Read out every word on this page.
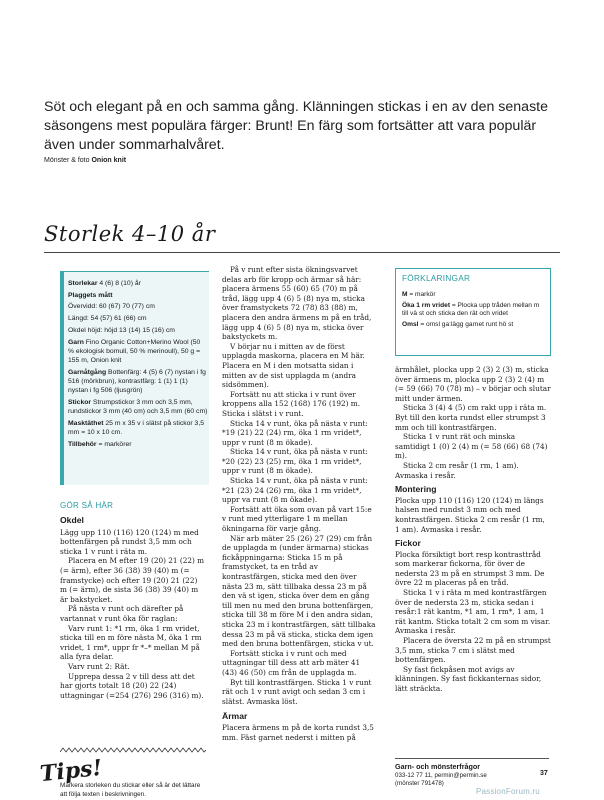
Söt och elegant på en och samma gång. Klänningen stickas i en av den senaste säsongens mest populära färger: Brunt! En färg som fortsätter att vara populär även under sommarhalvåret.
Mönster & foto Onion knit
Storlek 4–10 år

Storlekar 4 (6) 8 (10) år

Plaggets mått

Övervidd: 60 (67) 70 (77) cm

Längd: 54 (57) 61 (66) cm

Okdel höjd: höjd 13 (14) 15 (16) cm

Garn Fino Organic Cotton+Merino Wool (50 % ekologisk bomull, 50 % merinoull), 50 g = 155 m, Onion knit

Garnåtgång Bottenfärg: 4 (5) 6 (7) nystan i fg 516 (mörkbrun), kontrastfärg: 1 (1) 1 (1) nystan i fg 506 (ljusgrön)

Stickor Strumpstickor 3 mm och 3,5 mm, rundstickor 3 mm (40 cm) och 3,5 mm (60 cm)

Masktäthet 25 m x 35 v i slätst på stickor 3,5 mm = 10 x 10 cm.

Tillbehör = markörer

GÖR SÅ HÄR

Okdel

Lägg upp 110 (116) 120 (124) m med bottenfärgen på rundst 3,5 mm och sticka 1 v runt i räta m.

Placera en M efter 19 (20) 21 (22) m (= ärm), efter 36 (38) 39 (40) m (= framstycke) och efter 19 (20) 21 (22) m (= ärm), de sista 36 (38) 39 (40) m är bakstycket.

På nästa v runt och därefter på vartannat v runt öka för raglan:

Varv runt 1: *1 rm, öka 1 rm vridet, sticka till en m före nästa M, öka 1 rm vridet, 1 rm*, uppr fr *–* mellan M på alla fyra delar.

Varv runt 2: Rät.

Upprepa dessa 2 v till dess att det har gjorts totalt 18 (20) 22 (24) uttagningar (=254 (276) 296 (316) m).

Tips!
Markera storleken du stickar eller så är det lättare att följa texten i beskrivningen.

På v runt efter sista ökningsvarvet delas arb för kropp och ärmar så här: placera ärmens 55 (60) 65 (70) m på tråd, lägg upp 4 (6) 5 (8) nya m, sticka över framstyckets 72 (78) 83 (88) m, placera den andra ärmens m på en tråd, lägg upp 4 (6) 5 (8) nya m, sticka över bakstyckets m.

V börjar nu i mitten av de först upplagda maskorna, placera en M här. Placera en M i den motsatta sidan i mitten av de sist upplagda m (andra sidsömmen).

Fortsätt nu att sticka i v runt över kroppens alla 152 (168) 176 (192) m. Sticka i slätst i v runt.

Sticka 14 v runt, öka på nästa v runt: *19 (21) 22 (24) rm, öka 1 rm vridet*, uppr v runt (8 m ökade).

Sticka 14 v runt, öka på nästa v runt: *20 (22) 23 (25) rm, öka 1 rm vridet*, uppr v runt (8 m ökade).

Sticka 14 v runt, öka på nästa v runt: *21 (23) 24 (26) rm, öka 1 rm vridet*, uppr va runt (8 m ökade).

Fortsätt att öka som ovan på vart 15:e v runt med ytterligare 1 m mellan ökningarna för varje gång.

När arb mäter 25 (26) 27 (29) cm från de upplagda m (under ärmarna) stickas fickåppningarna: Sticka 15 m på framstycket, ta en tråd av kontrastfärgen, sticka med den över nästa 23 m, sätt tillbaka dessa 23 m på den vä st igen, sticka över dem en gång till men nu med den bruna bottenfärgen, sticka till 38 m före M i den andra sidan, sticka 23 m i kontrastfärgen, sätt tillbaka dessa 23 m på vä sticka, sticka dem igen med den bruna bottenfärgen, sticka v ut.

Fortsätt sticka i v runt och med uttagningar till dess att arb mäter 41 (43) 46 (50) cm från de upplagda m.

Byt till kontrastfärgen. Sticka 1 v runt rät och 1 v runt avigt och sedan 3 cm i slätst. Avmaska löst.

Ärmar

Placera ärmens m på de korta rundst 3,5 mm. Fäst garnet nederst i mitten på

FÖRKLARINGAR

M = markör

Öka 1 rm vridet = Plocka upp tråden mellan m till vä st och sticka den rät och vridet

Omsl = omsl ga:lägg garnet runt hö st

ärmhålet, plocka upp 2 (3) 2 (3) m, sticka över ärmens m, plocka upp 2 (3) 2 (4) m (= 59 (66) 70 (78) m) – v börjar och slutar mitt under ärmen.

Sticka 3 (4) 4 (5) cm rakt upp i räta m. Byt till den korta rundst eller strumpst 3 mm och till kontrastfärgen.

Sticka 1 v runt rät och minska samtidigt 1 (0) 2 (4) m (= 58 (66) 68 (74) m).

Sticka 2 cm resår (1 rm, 1 am). Avmaska i resår.

Montering

Plocka upp 110 (116) 120 (124) m längs halsen med rundst 3 mm och med kontrastfärgen. Sticka 2 cm resår (1 rm, 1 am). Avmaska i resår.

Fickor

Plocka försiktigt bort resp kontrasttråd som markerar fickorna, för över de nedersta 23 m på en strumpst 3 mm. De övre 22 m placeras på en tråd.

Sticka 1 v i räta m med kontrastfärgen över de nedersta 23 m, sticka sedan i resår:1 rät kantm, *1 am, 1 rm*, 1 am, 1 rät kantm. Sticka totalt 2 cm som m visar. Avmaska i resår.

Placera de översta 22 m på en strumpst 3,5 mm, sticka 7 cm i slätst med bottenfärgen.

Sy fast fickpåsen mot avigs av klänningen. Sy fast fickkanternas sidor, lätt sträckta.

Garn- och mönsterfrågor
033-12 77 11, permin@permin.se
(mönster 791478)
37
PassionForum.ru
